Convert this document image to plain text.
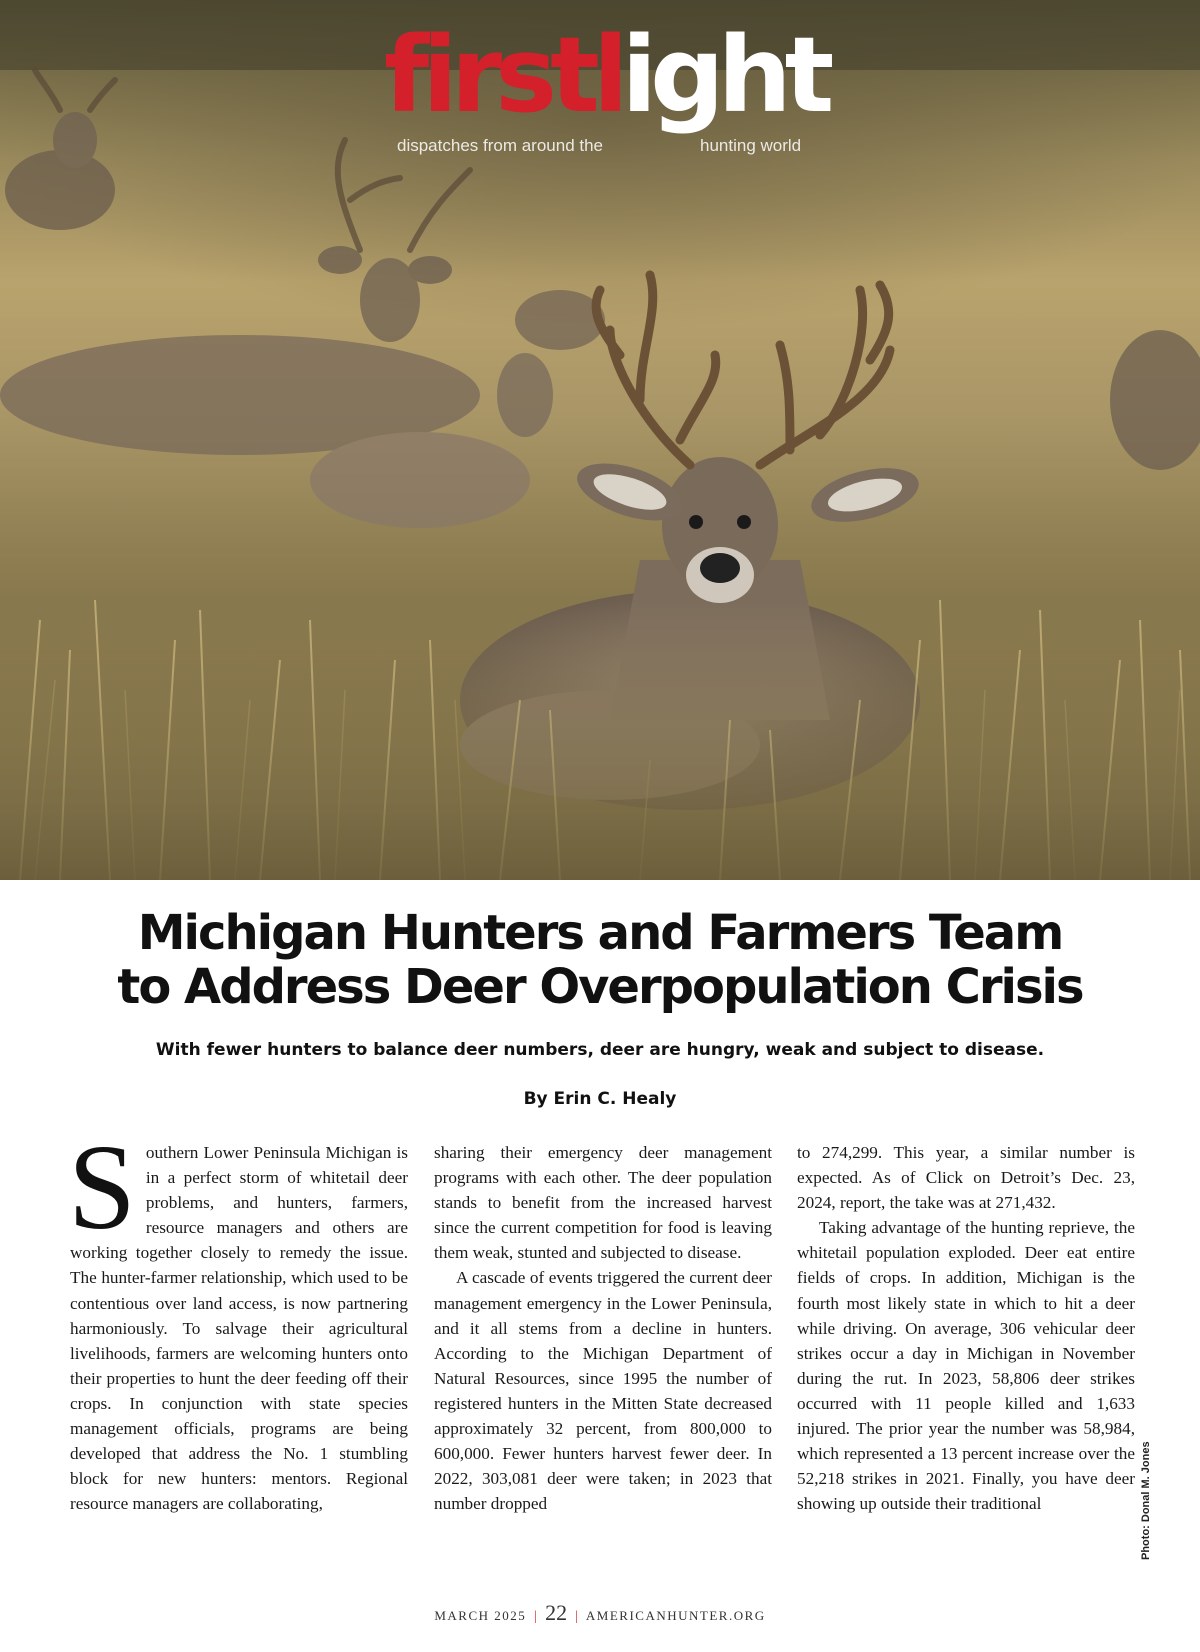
firstlight
dispatches from around the	hunting world
Michigan Hunters and Farmers Team
to Address Deer Overpopulation Crisis
With fewer hunters to balance deer numbers, deer are hungry, weak and subject to disease.
By Erin C. Healy

Southern Lower Peninsula Michigan is in a perfect storm of whitetail deer problems, and hunters, farmers, resource managers and others are working together closely to remedy the issue. The hunter-farmer relationship, which used to be contentious over land access, is now partnering harmoniously. To salvage their agricultural livelihoods, farmers are welcoming hunters onto their properties to hunt the deer feeding off their crops. In conjunction with state species management officials, programs are being developed that address the No. 1 stumbling block for new hunters: mentors. Regional resource managers are collaborating,

sharing their emergency deer management programs with each other. The deer population stands to benefit from the increased harvest since the current competition for food is leaving them weak, stunted and subjected to disease.

A cascade of events triggered the current deer management emergency in the Lower Peninsula, and it all stems from a decline in hunters. According to the Michigan Department of Natural Resources, since 1995 the number of registered hunters in the Mitten State decreased approximately 32 percent, from 800,000 to 600,000. Fewer hunters harvest fewer deer. In 2022, 303,081 deer were taken; in 2023 that number dropped

to 274,299. This year, a similar number is expected. As of Click on Detroit’s Dec. 23, 2024, report, the take was at 271,432.

Taking advantage of the hunting reprieve, the whitetail population exploded. Deer eat entire fields of crops. In addition, Michigan is the fourth most likely state in which to hit a deer while driving. On average, 306 vehicular deer strikes occur a day in Michigan in November during the rut. In 2023, 58,806 deer strikes occurred with 11 people killed and 1,633 injured. The prior year the number was 58,984, which represented a 13 percent increase over the 52,218 strikes in 2021. Finally, you have deer showing up outside their traditional	Photo: Donal M. Jones
MARCH 2025 | 22 | AMERICANHUNTER.ORG
